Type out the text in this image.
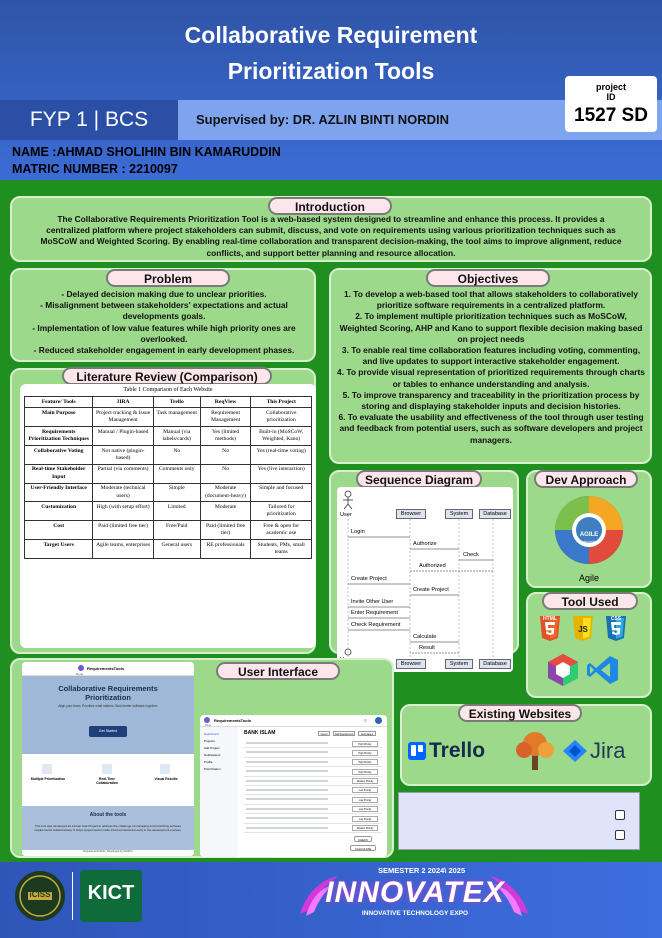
Collaborative Requirement
Prioritization Tools
FYP 1 | BCS	Supervised by: DR. AZLIN BINTI NORDIN
project
ID
1527 SD
NAME :AHMAD SHOLIHIN BIN KAMARUDDIN
MATRIC NUMBER : 2210097
Introduction
The Collaborative Requirements Prioritization Tool is a web-based system designed to streamline and enhance this process. It provides a centralized platform where project stakeholders can submit, discuss, and vote on requirements using various prioritization techniques such as MoSCoW and Weighted Scoring. By enabling real-time collaboration and transparent decision-making, the tool aims to improve alignment, reduce conflicts, and support better planning and resource allocation.
Problem
- Delayed decision making due to unclear priorities.
- Misalignment between stakeholders' expectations and actual developments goals.
- Implementation of low value features while high priority ones are overlooked.
- Reduced stakeholder engagement in early development phases.
Objectives
1. To develop a web-based tool that allows stakeholders to collaboratively prioritize software requirements in a centralized platform.
2. To implement multiple prioritization techniques such as MoSCoW, Weighted Scoring, AHP and Kano to support flexible decision making based on project needs
3. To enable real time collaboration features including voting, commenting, and live updates to support interactive stakeholder engagement.
4. To provide visual representation of prioritized requirements through charts or tables to enhance understanding and analysis.
5. To improve transparency and traceability in the prioritization process by storing and displaying stakeholder inputs and decision histories.
6. To evaluate the usability and effectiveness of the tool through user testing and feedback from potential users, such as software developers and project managers.
Literature Review (Comparison)
Table 1 Comparison of Each Website
Feature/ Tools	JIRA	Trello	ReqView	This Project
Main Purpose	Project tracking & Issue Management	Task management	Requirement Management	Collaborative prioritization
Requirements Prioritization Techniques	Manual / Plugin-based	Manual (via labels/cards)	Yes (limited methods)	Built-in (MoSCoW, Weighted, Kano)
Collaborative Voting	Not native (plugin-based)	No	No	Yes (real-time voting)
Real-time Stakeholder Input	Partial (via comments)	Comments only	No	Yes (live interaction)
User-Friendly Interface	Moderate (technical users)	Simple	Moderate (document-heavy)	Simple and focused
Customization	High (with setup effort)	Limited	Moderate	Tailored for prioritization
Cost	Paid (limited free tier)	Free/Paid	Paid (limited free tier)	Free & open for academic use
Target Users	Agile teams, enterprises	General users	RE professionals	Students, PMs, small teams
Sequence Diagram
User	Browser	System	Database
Browser	System	Database
Login
Authorize
Check
Authorized
Create Project
Create Project
Invite Other User
Enter Requirement
Check Requirement
Calculate
Result
Dev Approach
AGILE
Methodology
Agile
Tool Used
JS
HTML	CSS
User Interface
RequirementsTools
Reqs
Collaborative Requirements Prioritization
Align your team. Prioritize what matters. Build better software together.
Get Started
Multiple Prioritization	Real-Time Collaboration
Visual Results
About the tools
This tool was developed as a Final Year Project to address the challenge of managing and prioritizing software requirements collaboratively. It helps project teams make informed decisions early in the development process.
RequirementsTools. Developed by Sholihin
RequirementsTools
Reqs
○
Dashboard
Projects
Add Project
Notifications
Profile
Prioritization
BANK ISLAM	Import	Add Requirement	Techniques
High Priority
High Priority
High Priority
High Priority
Medium Priority
Low Priority
Low Priority
Low Priority
Low Priority
Medium Priority
CHECK
CALCULATE
Existing Websites
Trello	Jira
iCISS	KICT
SEMESTER 2 2024\ 2025
INNOVATEX
INNOVATIVE TECHNOLOGY EXPO
